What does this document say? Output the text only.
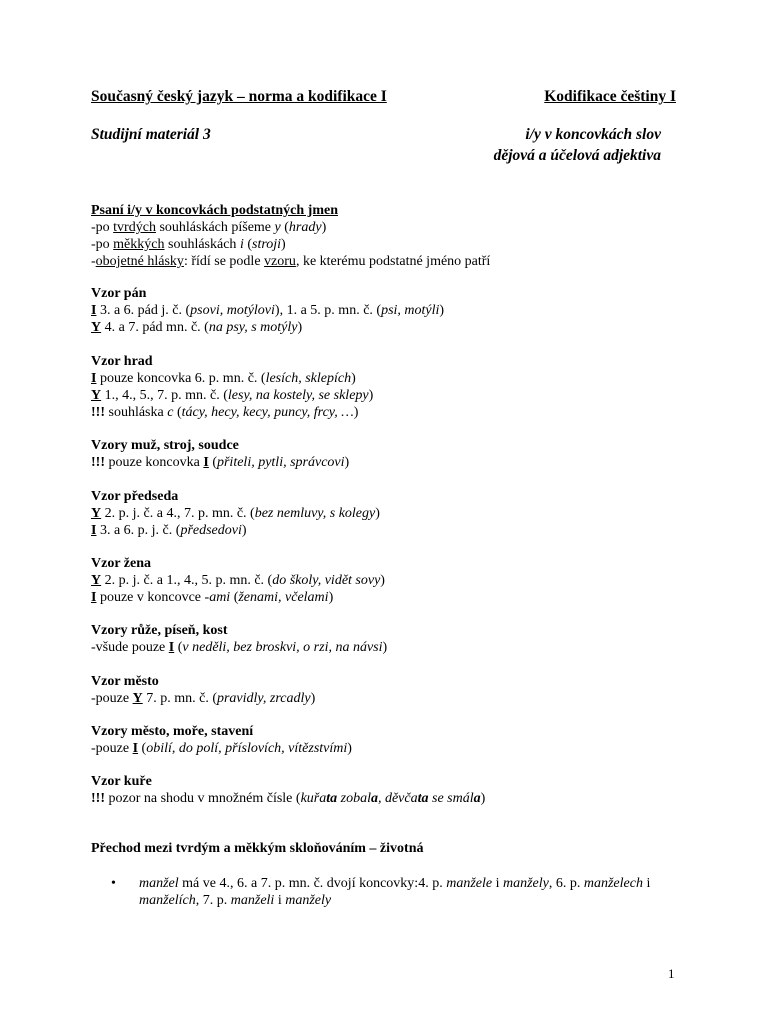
Současný český jazyk – norma a kodifikace I	Kodifikace češtiny I
Studijní materiál 3	i/y v koncovkách slov
dějová a účelová adjektiva
Psaní i/y v koncovkách podstatných jmen
-po tvrdých souhláskách píšeme y (hrady)
-po měkkých souhláskách i (stroji)
-obojetné hlásky: řídí se podle vzoru, ke kterému podstatné jméno patří
Vzor pán
I 3. a 6. pád j. č. (psovi, motýlovi), 1. a 5. p. mn. č. (psi, motýli)
Y 4. a 7. pád mn. č. (na psy, s motýly)
Vzor hrad
I pouze koncovka 6. p. mn. č. (lesích, sklepích)
Y 1., 4., 5., 7. p. mn. č. (lesy, na kostely, se sklepy)
!!! souhláska c (tácy, hecy, kecy, puncy, frcy, …)
Vzory muž, stroj, soudce
!!! pouze koncovka I (přiteli, pytli, správcovi)
Vzor předseda
Y 2. p. j. č. a 4., 7. p. mn. č. (bez nemluvy, s kolegy)
I 3. a 6. p. j. č. (předsedovi)
Vzor žena
Y 2. p. j. č. a 1., 4., 5. p. mn. č. (do školy, vidět sovy)
I pouze v koncovce -ami (ženami, včelami)
Vzory růže, píseň, kost
-všude pouze I (v neděli, bez broskvi, o rzi, na návsi)
Vzor město
-pouze Y 7. p. mn. č. (pravidly, zrcadly)
Vzory město, moře, stavení
-pouze I (obilí, do polí, příslovích, vítězstvími)
Vzor kuře
!!! pozor na shodu v množném čísle (kuřata zobala, děvčata se smála)
Přechod mezi tvrdým a měkkým skloňováním – životná
• manžel má ve 4., 6. a 7. p. mn. č. dvojí koncovky:4. p. manžele i manžely, 6. p. manželech i manželích, 7. p. manželi i manžely
1
